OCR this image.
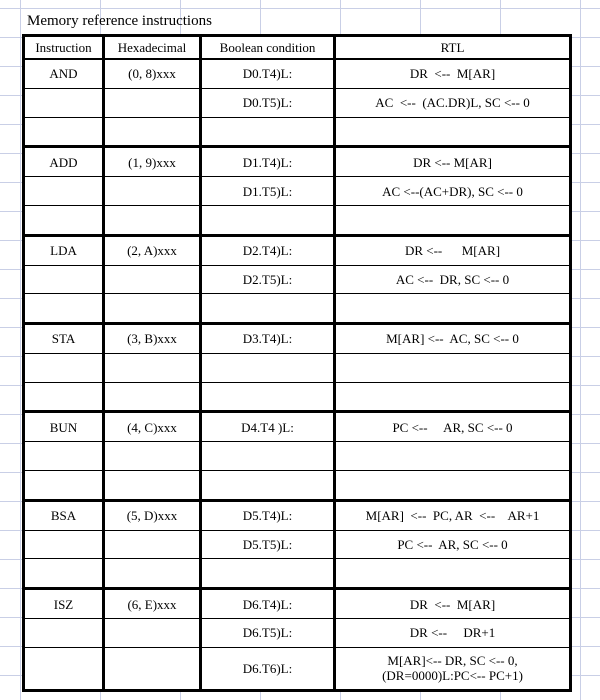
Memory reference instructions
Instruction	Hexadecimal	Boolean condition	RTL
AND	(0, 8)xxx	D0.T4)L:	DR  <--  M[AR]
		D0.T5)L:	AC  <--  (AC.DR)L, SC <-- 0

ADD	(1, 9)xxx	D1.T4)L:	DR <-- M[AR]
		D1.T5)L:	AC <--(AC+DR), SC <-- 0

LDA	(2, A)xxx	D2.T4)L:	DR <--      M[AR]
		D2.T5)L:	AC <--  DR, SC <-- 0

STA	(3, B)xxx	D3.T4)L:	M[AR] <--  AC, SC <-- 0

BUN	(4, C)xxx	D4.T4 )L:	PC <--     AR, SC <-- 0

BSA	(5, D)xxx	D5.T4)L:	M[AR]  <--  PC, AR  <--    AR+1
		D5.T5)L:	PC <--  AR, SC <-- 0

ISZ	(6, E)xxx	D6.T4)L:	DR  <--  M[AR]
		D6.T5)L:	DR <--     DR+1
		D6.T6)L:	M[AR]<-- DR, SC <-- 0,
(DR=0000)L:PC<-- PC+1)
